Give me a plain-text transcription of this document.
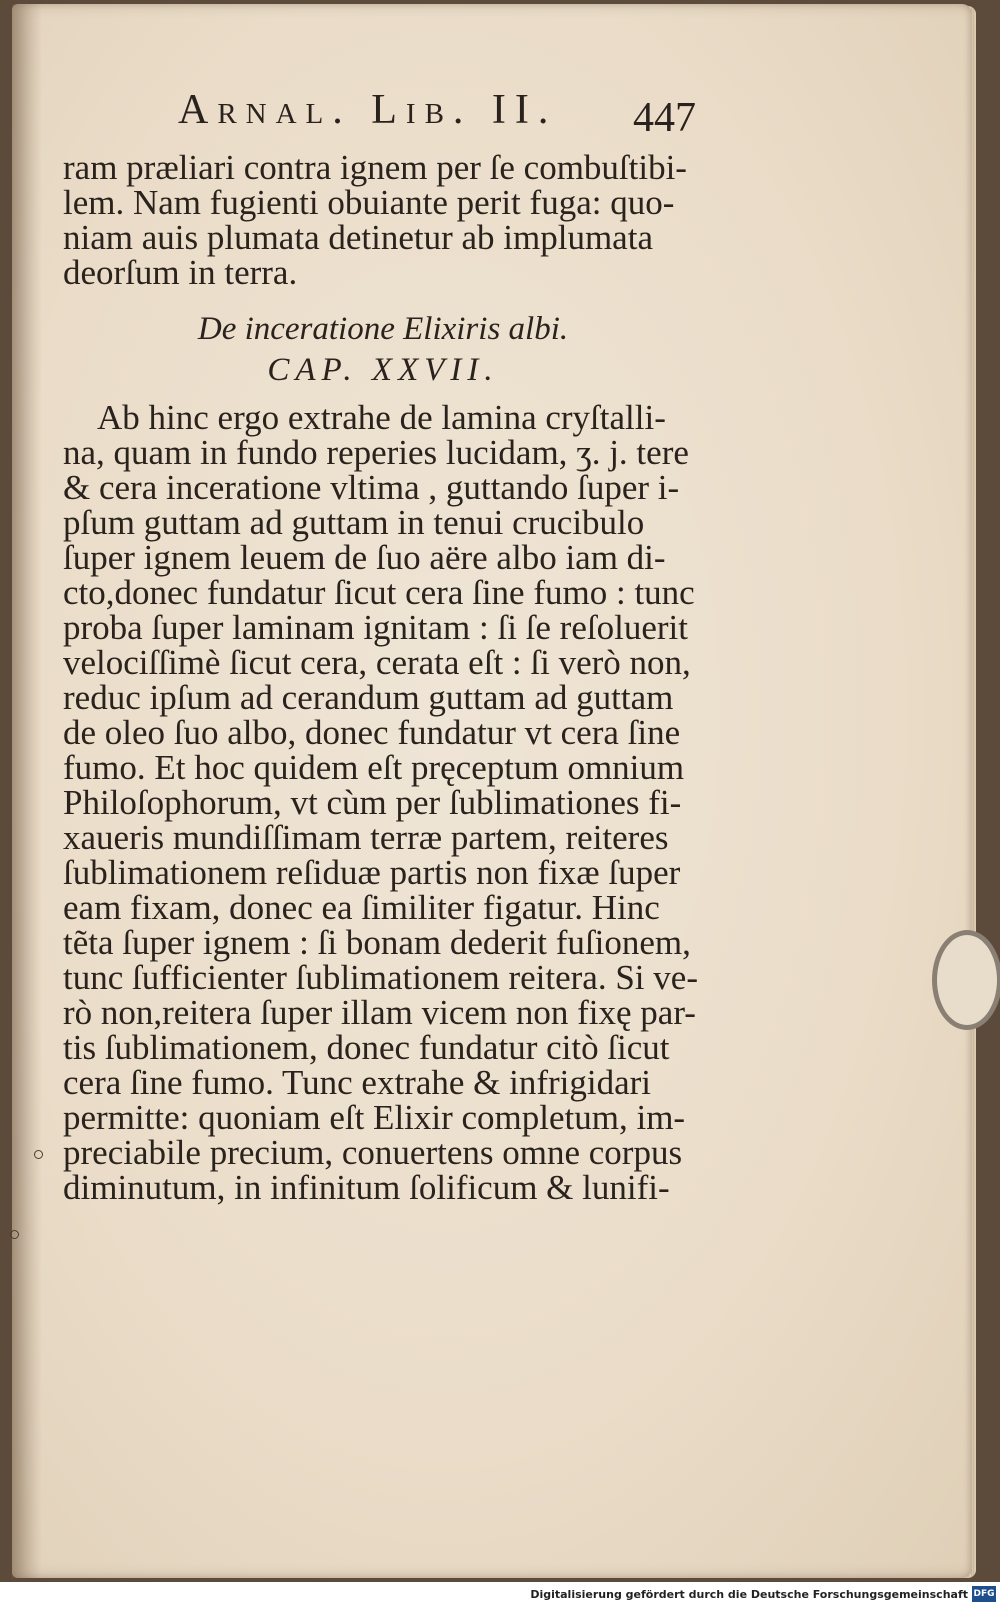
Arnal. Lib. II. 447
ram præliari contra ignem per ſe combuſtibi-
lem. Nam fugienti obuiante perit fuga: quo-
niam auis plumata detinetur ab implumata
deorſum in terra.
De inceratione Elixiris albi.
CAP. XXVII.
Ab hinc ergo extrahe de lamina cryſtalli-
na, quam in fundo reperies lucidam, ʒ. j. tere
& cera inceratione vltima , guttando ſuper i-
pſum guttam ad guttam in tenui crucibulo
ſuper ignem leuem de ſuo aëre albo iam di-
cto,donec fundatur ſicut cera ſine fumo : tunc
proba ſuper laminam ignitam : ſi ſe reſoluerit
velociſſimè ſicut cera, cerata eſt : ſi verò non,
reduc ipſum ad cerandum guttam ad guttam
de oleo ſuo albo, donec fundatur vt cera ſine
fumo. Et hoc quidem eſt pręceptum omnium
Philoſophorum, vt cùm per ſublimationes fi-
xaueris mundiſſimam terræ partem, reiteres
ſublimationem reſiduæ partis non fixæ ſuper
eam fixam, donec ea ſimiliter figatur. Hinc
tẽta ſuper ignem : ſi bonam dederit fuſionem,
tunc ſufficienter ſublimationem reitera. Si ve-
rò non,reitera ſuper illam vicem non fixę par-
tis ſublimationem, donec fundatur citò ſicut
cera ſine fumo. Tunc extrahe & infrigidari
permitte: quoniam eſt Elixir completum, im-
preciabile precium, conuertens omne corpus
diminutum, in infinitum ſolificum & lunifi-
Digitalisierung gefördert durch die Deutsche Forschungsgemeinschaft DFG
